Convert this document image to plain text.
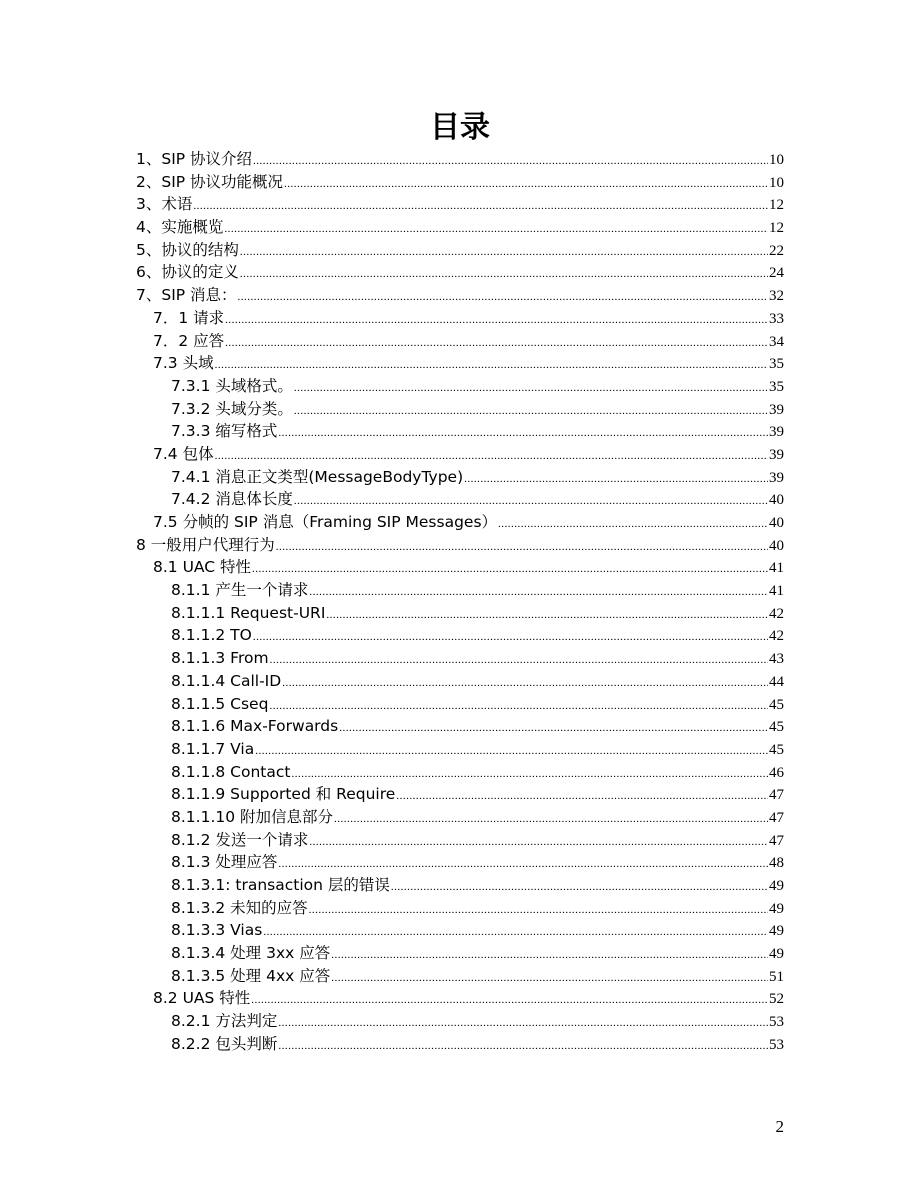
目录
1、SIP 协议介绍 .....	10
2、SIP 协议功能概况 .....	10
3、术语 .....	12
4、实施概览 .....	12
5、协议的结构 .....	22
6、协议的定义 .....	24
7、SIP 消息： .....	32
7．1 请求 .....	33
7．2 应答 .....	34
7.3 头域 .....	35
7.3.1 头域格式。 .....	35
7.3.2 头域分类。 .....	39
7.3.3 缩写格式 .....	39
7.4 包体 .....	39
7.4.1 消息正文类型(MessageBodyType) .....	39
7.4.2 消息体长度 .....	40
7.5 分帧的 SIP 消息（Framing SIP Messages） .....	40
8 一般用户代理行为 .....	40
8.1 UAC 特性 .....	41
8.1.1 产生一个请求 .....	41
8.1.1.1 Request-URI .....	42
8.1.1.2 TO .....	42
8.1.1.3 From .....	43
8.1.1.4 Call-ID .....	44
8.1.1.5 Cseq .....	45
8.1.1.6 Max-Forwards .....	45
8.1.1.7 Via .....	45
8.1.1.8 Contact .....	46
8.1.1.9 Supported 和 Require .....	47
8.1.1.10 附加信息部分 .....	47
8.1.2 发送一个请求 .....	47
8.1.3 处理应答 .....	48
8.1.3.1: transaction 层的错误 .....	49
8.1.3.2 未知的应答 .....	49
8.1.3.3 Vias .....	49
8.1.3.4 处理 3xx 应答 .....	49
8.1.3.5 处理 4xx 应答 .....	51
8.2 UAS 特性 .....	52
8.2.1 方法判定 .....	53
8.2.2 包头判断 .....	53
2
